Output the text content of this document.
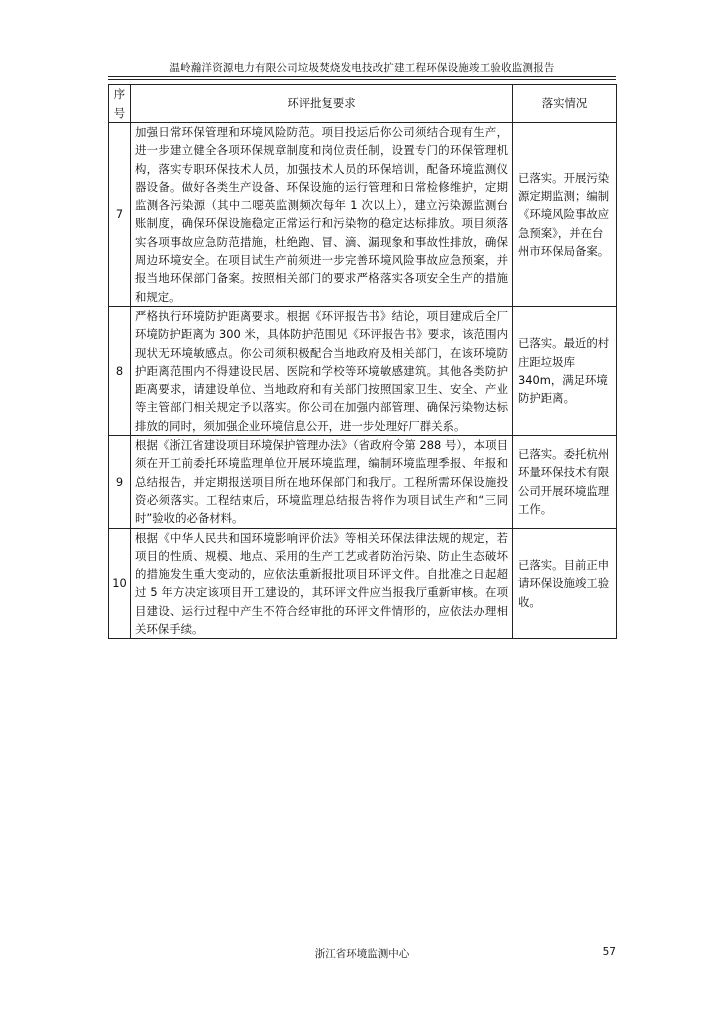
温岭瀚洋资源电力有限公司垃圾焚烧发电技改扩建工程环保设施竣工验收监测报告
序号	环评批复要求	落实情况
7	加强日常环保管理和环境风险防范。项目投运后你公司须结合现有生产，进一步建立健全各项环保规章制度和岗位责任制，设置专门的环保管理机构，落实专职环保技术人员，加强技术人员的环保培训，配备环境监测仪器设备。做好各类生产设备、环保设施的运行管理和日常检修维护，定期监测各污染源（其中二噁英监测频次每年 1 次以上），建立污染源监测台账制度，确保环保设施稳定正常运行和污染物的稳定达标排放。项目须落实各项事故应急防范措施，杜绝跑、冒、滴、漏现象和事故性排放，确保周边环境安全。在项目试生产前须进一步完善环境风险事故应急预案，并报当地环保部门备案。按照相关部门的要求严格落实各项安全生产的措施和规定。	已落实。开展污染源定期监测；编制《环境风险事故应急预案》，并在台州市环保局备案。
8	严格执行环境防护距离要求。根据《环评报告书》结论，项目建成后全厂环境防护距离为 300 米，具体防护范围见《环评报告书》要求，该范围内现状无环境敏感点。你公司须积极配合当地政府及相关部门，在该环境防护距离范围内不得建设民居、医院和学校等环境敏感建筑。其他各类防护距离要求，请建设单位、当地政府和有关部门按照国家卫生、安全、产业等主管部门相关规定予以落实。你公司在加强内部管理、确保污染物达标排放的同时，须加强企业环境信息公开，进一步处理好厂群关系。	已落实。最近的村庄距垃圾库 340m，满足环境防护距离。
9	根据《浙江省建设项目环境保护管理办法》（省政府令第 288 号），本项目须在开工前委托环境监理单位开展环境监理，编制环境监理季报、年报和总结报告，并定期报送项目所在地环保部门和我厅。工程所需环保设施投资必须落实。工程结束后，环境监理总结报告将作为项目试生产和“三同时”验收的必备材料。	已落实。委托杭州环量环保技术有限公司开展环境监理工作。
10	根据《中华人民共和国环境影响评价法》等相关环保法律法规的规定，若项目的性质、规模、地点、采用的生产工艺或者防治污染、防止生态破坏的措施发生重大变动的，应依法重新报批项目环评文件。自批准之日起超过 5 年方决定该项目开工建设的，其环评文件应当报我厅重新审核。在项目建设、运行过程中产生不符合经审批的环评文件情形的，应依法办理相关环保手续。	已落实。目前正申请环保设施竣工验收。
浙江省环境监测中心	57
